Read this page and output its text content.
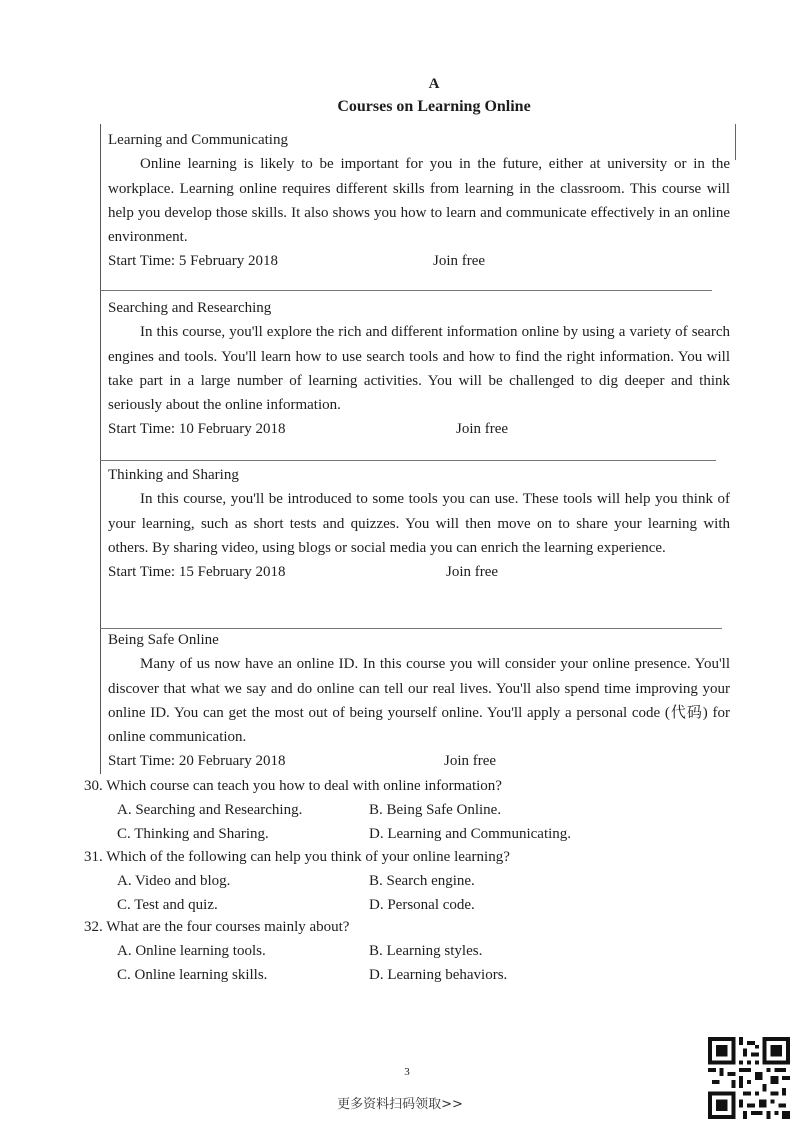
A
Courses on Learning Online
Learning and Communicating

Online learning is likely to be important for you in the future, either at university or in the workplace. Learning online requires different skills from learning in the classroom. This course will help you develop those skills. It also shows you how to learn and communicate effectively in an online environment.

Start Time: 5 February 2018	Join free
Searching and Researching

In this course, you'll explore the rich and different information online by using a variety of search engines and tools. You'll learn how to use search tools and how to find the right information. You will take part in a large number of learning activities. You will be challenged to dig deeper and think seriously about the online information.

Start Time: 10 February 2018	Join free
Thinking and Sharing

In this course, you'll be introduced to some tools you can use. These tools will help you think of your learning, such as short tests and quizzes. You will then move on to share your learning with others. By sharing video, using blogs or social media you can enrich the learning experience.

Start Time: 15 February 2018	Join free
Being Safe Online

Many of us now have an online ID. In this course you will consider your online presence. You'll discover that what we say and do online can tell our real lives. You'll also spend time improving your online ID. You can get the most out of being yourself online. You'll apply a personal code (代码) for online communication.

Start Time: 20 February 2018	Join free
30. Which course can teach you how to deal with online information?
A. Searching and Researching.	B. Being Safe Online.
C. Thinking and Sharing.	D. Learning and Communicating.
31. Which of the following can help you think of your online learning?
A. Video and blog.	B. Search engine.
C. Test and quiz.	D. Personal code.
32. What are the four courses mainly about?
A. Online learning tools.	B. Learning styles.
C. Online learning skills.	D. Learning behaviors.
3
更多资料扫码领取>>
